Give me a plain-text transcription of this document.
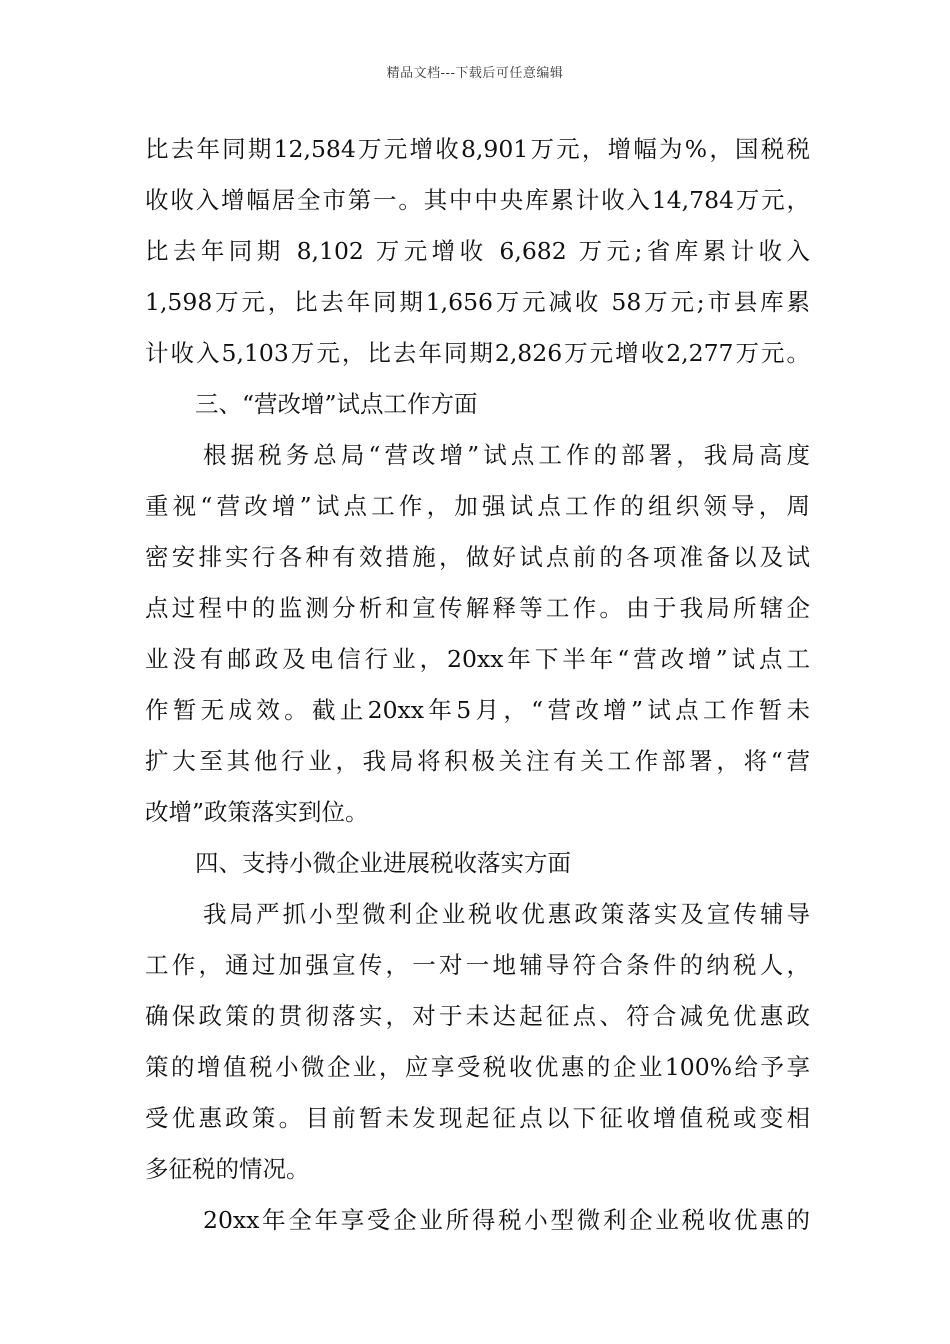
精品文档---下载后可任意编辑
比去年同期12,584万元增收8,901万元，增幅为%，国税税
收收入增幅居全市第一。其中中央库累计收入14,784万元，
比去年同期 8,102 万元增收 6,682 万元;省库累计收入
1,598万元，比去年同期1,656万元减收 58万元;市县库累
计收入5,103万元，比去年同期2,826万元增收2,277万元。
三、“营改增”试点工作方面
根据税务总局“营改增”试点工作的部署，我局高度
重视“营改增”试点工作，加强试点工作的组织领导，周
密安排实行各种有效措施，做好试点前的各项准备以及试
点过程中的监测分析和宣传解释等工作。由于我局所辖企
业没有邮政及电信行业，20xx年下半年“营改增”试点工
作暂无成效。截止20xx年5月，“营改增”试点工作暂未
扩大至其他行业，我局将积极关注有关工作部署，将“营
改增”政策落实到位。
四、支持小微企业进展税收落实方面
我局严抓小型微利企业税收优惠政策落实及宣传辅导
工作，通过加强宣传，一对一地辅导符合条件的纳税人，
确保政策的贯彻落实，对于未达起征点、符合减免优惠政
策的增值税小微企业，应享受税收优惠的企业100%给予享
受优惠政策。目前暂未发现起征点以下征收增值税或变相
多征税的情况。
20xx年全年享受企业所得税小型微利企业税收优惠的
